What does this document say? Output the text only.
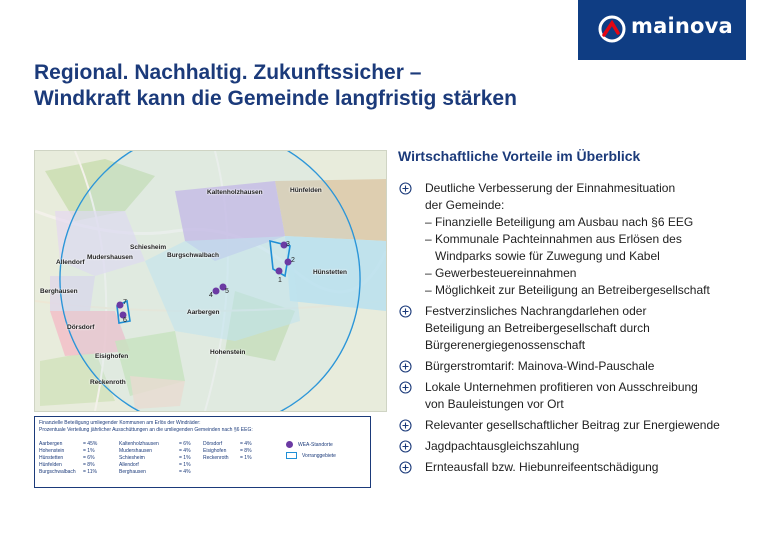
mainova
Regional. Nachhaltig. Zukunftssicher –
Windkraft kann die Gemeinde langfristig stärken
Hünfelden
Kaltenholzhausen
Schiesheim
Burgschwalbach
Mudershausen
Allendorf
Berghausen
Hünstetten
Aarbergen
Dörsdorf
Eisighofen
Hohenstein
Reckenroth
1
2
3
4
5
6
7
Finanzielle Beteiligung umliegender Kommunen am Erlös der Windräder:
Prozentuale Verteilung jährlicher Ausschüttungen an die umliegenden Gemeinden nach §6 EEG:
Aarbergen	= 45%
Hohenstein	= 1%
Hünstetten	= 6%
Hünfelden	= 8%
Burgschwalbach	= 11%
Kaltenholzhausen	= 6%
Mudershausen	= 4%
Schiesheim	= 1%
Allendorf	= 1%
Berghausen	= 4%
Dörsdorf	= 4%
Eisighofen	= 8%
Reckenroth	= 1%
WEA-Standorte
Vorranggebiete
Wirtschaftliche Vorteile im Überblick
Deutliche Verbesserung der Einnahmesituation
der Gemeinde:
– Finanzielle Beteiligung am Ausbau nach §6 EEG
– Kommunale Pachteinnahmen aus Erlösen des
Windparks sowie für Zuwegung und Kabel
– Gewerbesteuereinnahmen
– Möglichkeit zur Beteiligung an Betreibergesellschaft
Festverzinsliches Nachrangdarlehen oder
Beteiligung an Betreibergesellschaft durch
Bürgerenergiegenossenschaft
Bürgerstromtarif: Mainova-Wind-Pauschale
Lokale Unternehmen profitieren von Ausschreibung
von Bauleistungen vor Ort
Relevanter gesellschaftlicher Beitrag zur Energiewende
Jagdpachtausgleichszahlung
Ernteausfall bzw. Hiebunreifeentschädigung
